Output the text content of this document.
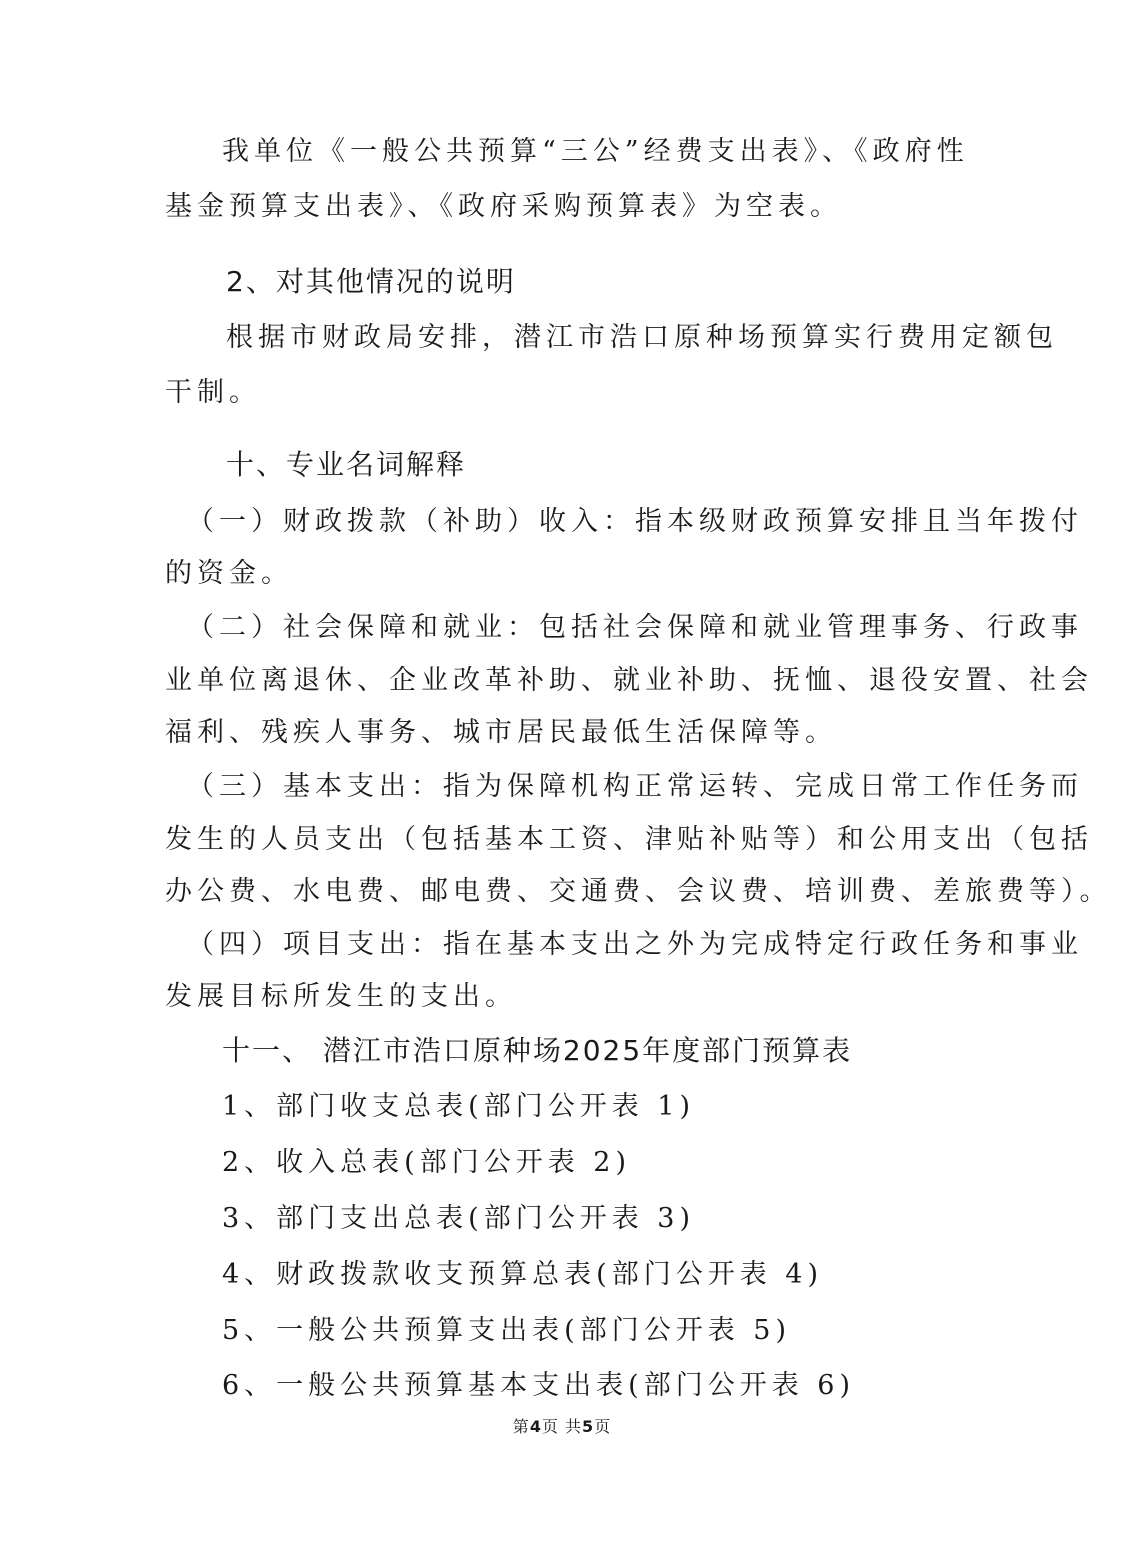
我单位《一般公共预算“三公”经费支出表》、《政府性
基金预算支出表》、《政府采购预算表》为空表。
2、对其他情况的说明
根据市财政局安排，潜江市浩口原种场预算实行费用定额包
干制。
十、专业名词解释
（一）财政拨款（补助）收入：指本级财政预算安排且当年拨付
的资金。
（二）社会保障和就业：包括社会保障和就业管理事务、行政事
业单位离退休、企业改革补助、就业补助、抚恤、退役安置、社会
福利、残疾人事务、城市居民最低生活保障等。
（三）基本支出：指为保障机构正常运转、完成日常工作任务而
发生的人员支出（包括基本工资、津贴补贴等）和公用支出（包括
办公费、水电费、邮电费、交通费、会议费、培训费、差旅费等）。
（四）项目支出：指在基本支出之外为完成特定行政任务和事业
发展目标所发生的支出。
十一、 潜江市浩口原种场2025年度部门预算表
1、部门收支总表(部门公开表 1)
2、收入总表(部门公开表 2)
3、部门支出总表(部门公开表 3)
4、财政拨款收支预算总表(部门公开表 4)
5、一般公共预算支出表(部门公开表 5)
6、一般公共预算基本支出表(部门公开表 6)
第4页 共5页
